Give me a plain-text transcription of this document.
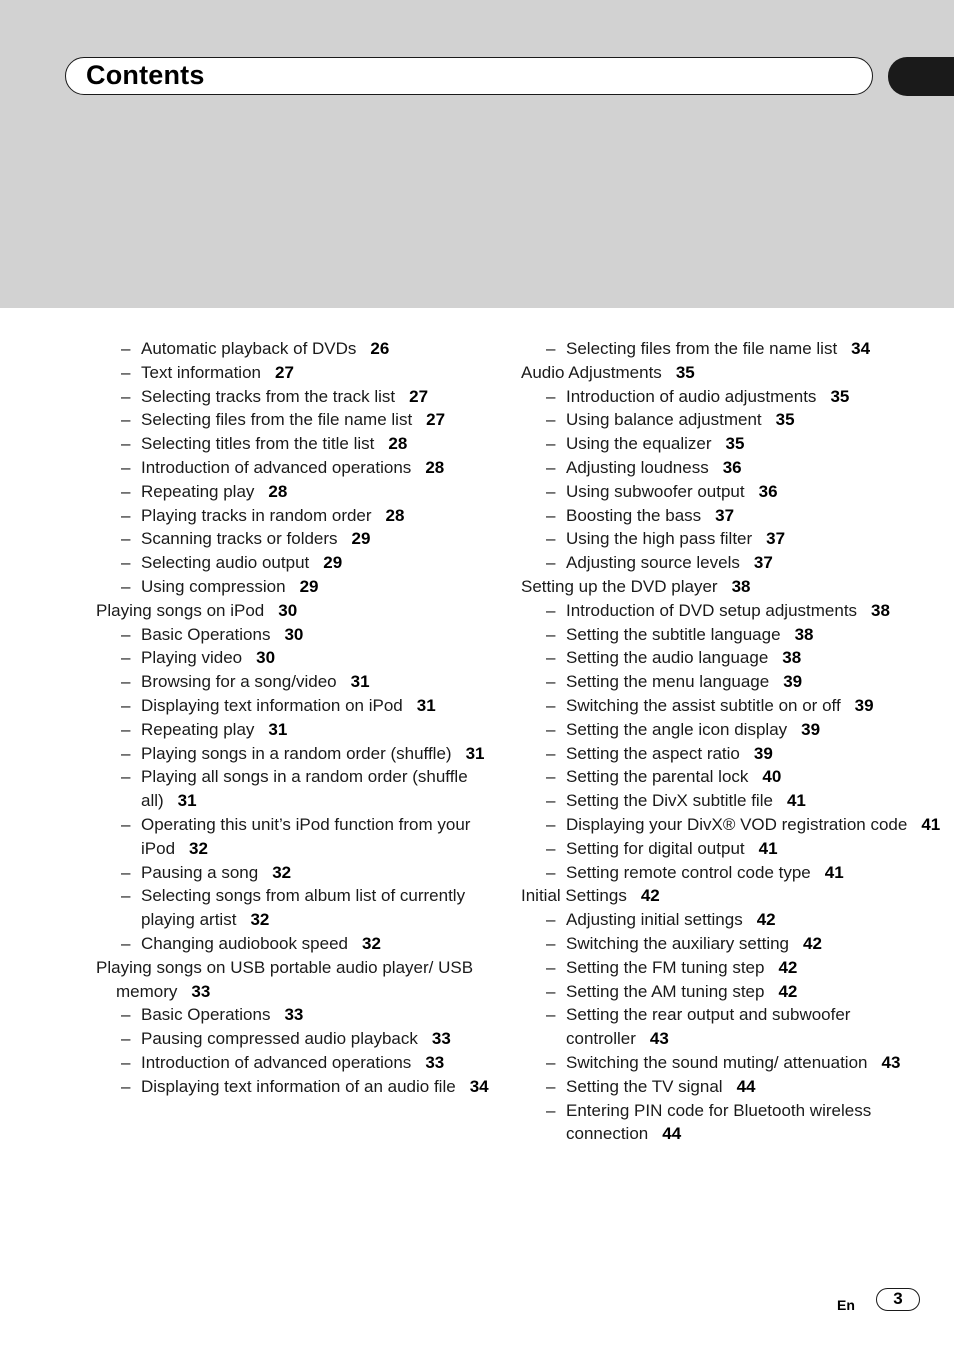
Contents
– Automatic playback of DVDs 26
– Text information 27
– Selecting tracks from the track list 27
– Selecting files from the file name list 27
– Selecting titles from the title list 28
– Introduction of advanced operations 28
– Repeating play 28
– Playing tracks in random order 28
– Scanning tracks or folders 29
– Selecting audio output 29
– Using compression 29
Playing songs on iPod 30
– Basic Operations 30
– Playing video 30
– Browsing for a song/video 31
– Displaying text information on iPod 31
– Repeating play 31
– Playing songs in a random order (shuffle) 31
– Playing all songs in a random order (shuffle all) 31
– Operating this unit’s iPod function from your iPod 32
– Pausing a song 32
– Selecting songs from album list of currently playing artist 32
– Changing audiobook speed 32
Playing songs on USB portable audio player/ USB memory 33
– Basic Operations 33
– Pausing compressed audio playback 33
– Introduction of advanced operations 33
– Displaying text information of an audio file 34
– Selecting files from the file name list 34
Audio Adjustments 35
– Introduction of audio adjustments 35
– Using balance adjustment 35
– Using the equalizer 35
– Adjusting loudness 36
– Using subwoofer output 36
– Boosting the bass 37
– Using the high pass filter 37
– Adjusting source levels 37
Setting up the DVD player 38
– Introduction of DVD setup adjustments 38
– Setting the subtitle language 38
– Setting the audio language 38
– Setting the menu language 39
– Switching the assist subtitle on or off 39
– Setting the angle icon display 39
– Setting the aspect ratio 39
– Setting the parental lock 40
– Setting the DivX subtitle file 41
– Displaying your DivX® VOD registration code 41
– Setting for digital output 41
– Setting remote control code type 41
Initial Settings 42
– Adjusting initial settings 42
– Switching the auxiliary setting 42
– Setting the FM tuning step 42
– Setting the AM tuning step 42
– Setting the rear output and subwoofer controller 43
– Switching the sound muting/ attenuation 43
– Setting the TV signal 44
– Entering PIN code for Bluetooth wireless connection 44
En	3
